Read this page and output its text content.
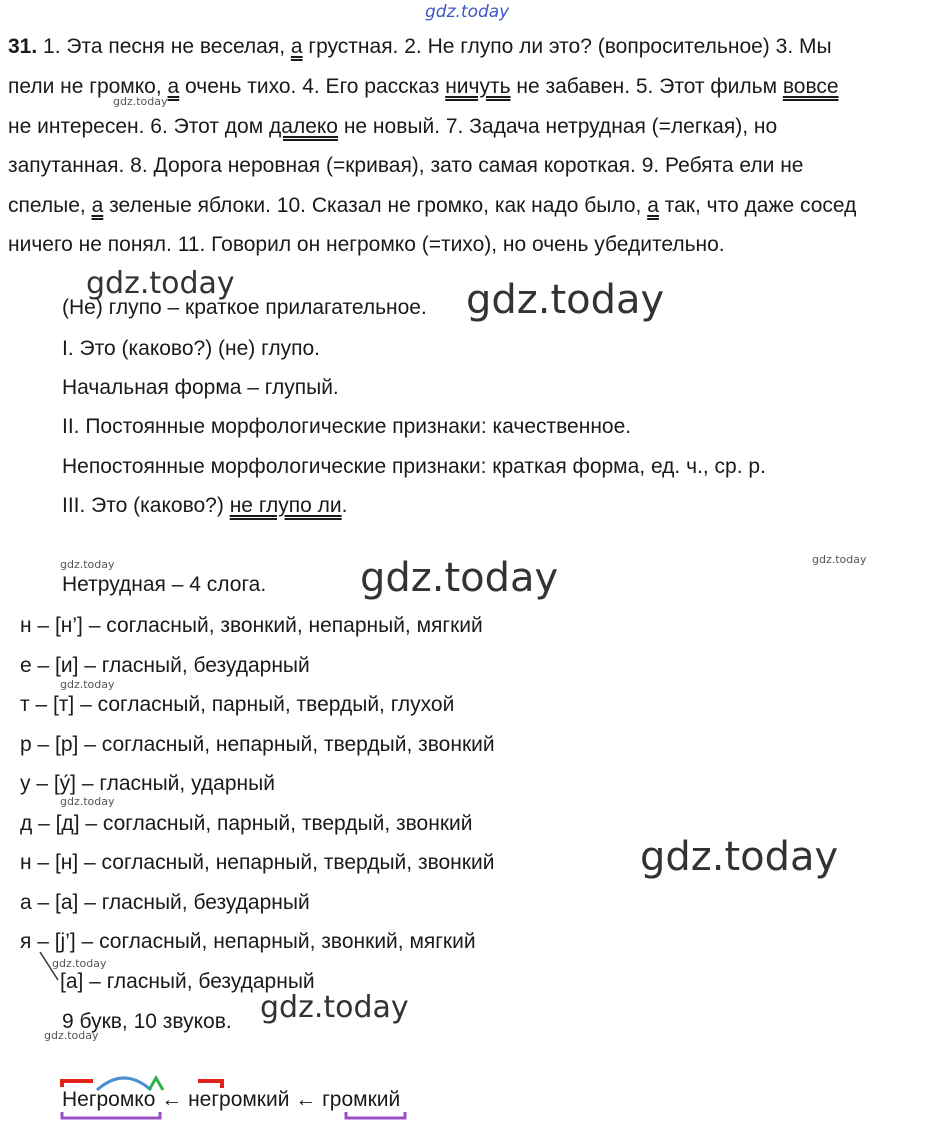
gdz.today
31. 1. Эта песня не веселая, а грустная. 2. Не глупо ли это? (вопросительное) 3. Мы
пели не громко, а очень тихо. 4. Его рассказ ничуть не забавен. 5. Этот фильм вовсе
не интересен. 6. Этот дом далеко не новый. 7. Задача нетрудная (=легкая), но
запутанная. 8. Дорога неровная (=кривая), зато самая короткая. 9. Ребята ели не
спелые, а зеленые яблоки. 10. Сказал не громко, как надо было, а так, что даже сосед
ничего не понял. 11. Говорил он негромко (=тихо), но очень убедительно.
gdz.today
gdz.today	gdz.today
(Не) глупо – краткое прилагательное.
I. Это (каково?) (не) глупо.
Начальная форма – глупый.
II. Постоянные морфологические признаки: качественное.
Непостоянные морфологические признаки: краткая форма, ед. ч., ср. р.
III. Это (каково?) не глупо ли.
gdz.today	gdz.today
gdz.today
Нетрудная – 4 слога.
н – [н’] – согласный, звонкий, непарный, мягкий
е – [и] – гласный, безударный
gdz.today
т – [т] – согласный, парный, твердый, глухой
р – [р] – согласный, непарный, твердый, звонкий
у – [у́] – гласный, ударный
gdz.today
д – [д] – согласный, парный, твердый, звонкий
н – [н] – согласный, непарный, твердый, звонкий	gdz.today
а – [а] – гласный, безударный
я – [j’] – согласный, непарный, звонкий, мягкий
gdz.today
[а] – гласный, безударный
9 букв, 10 звуков. gdz.today
gdz.today
Негромко ← негромкий ← громкий
